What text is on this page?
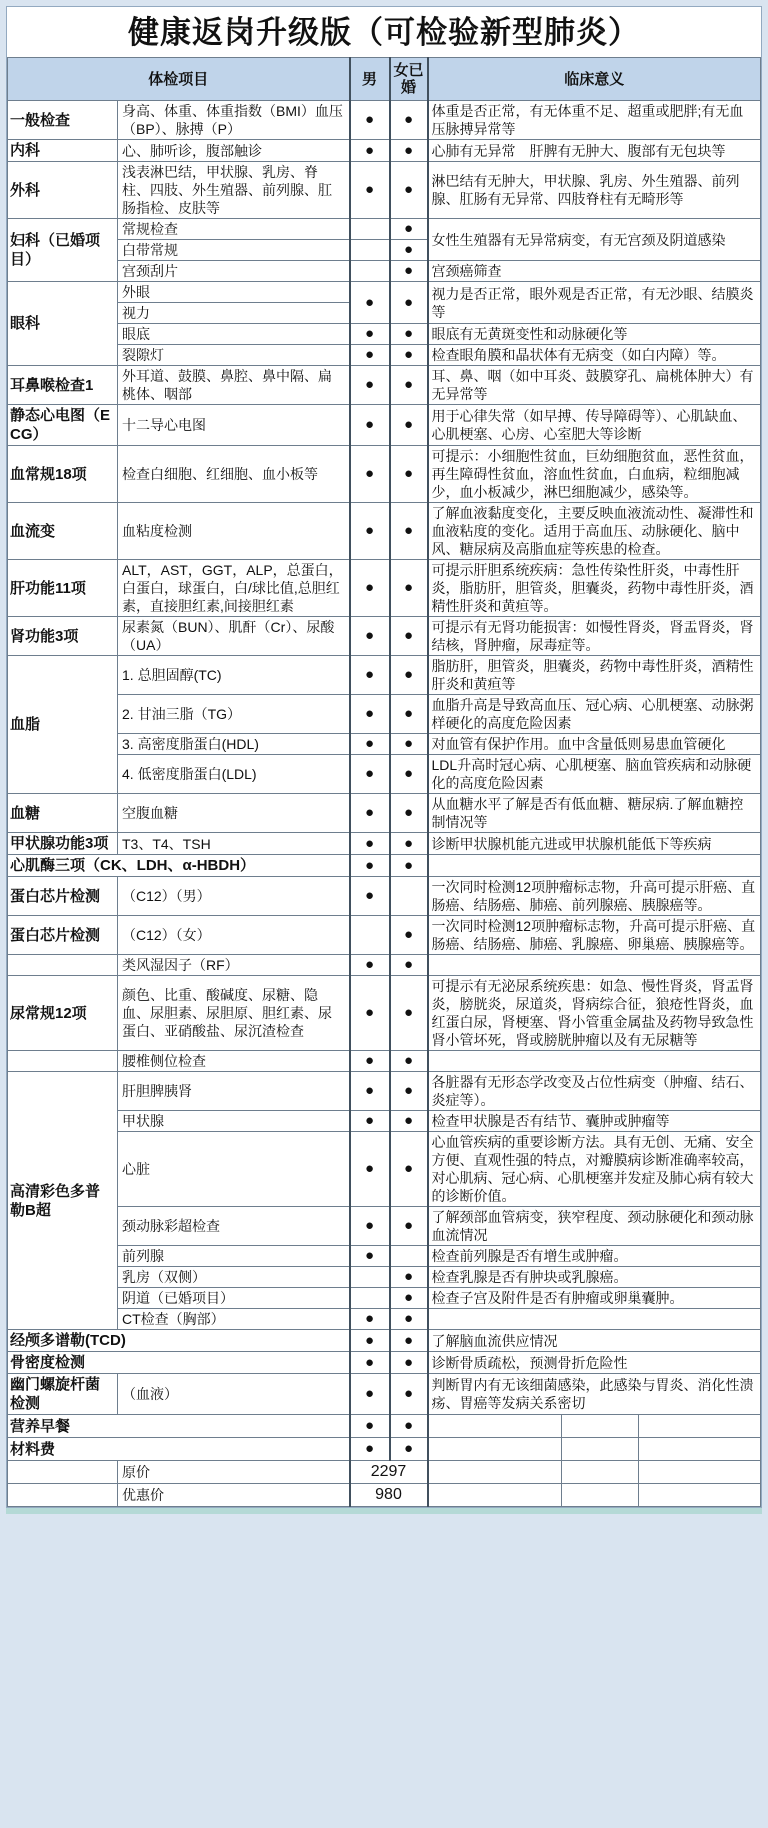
健康返岗升级版（可检验新型肺炎）
体检项目		男	女已婚	临床意义
一般检查	身高、体重、体重指数（BMI）血压（BP）、脉搏（P）	●	●	体重是否正常，有无体重不足、超重或肥胖;有无血压脉搏异常等
内科	心、肺听诊，腹部触诊	●	●	心肺有无异常　肝脾有无肿大、腹部有无包块等
外科	浅表淋巴结，甲状腺、乳房、脊柱、四肢、外生殖器、前列腺、肛肠指检、皮肤等	●	●	淋巴结有无肿大，甲状腺、乳房、外生殖器、前列腺、肛肠有无异常、四肢脊柱有无畸形等
妇科（已婚项目）	常规检查		●	女性生殖器有无异常病变，有无宫颈及阴道感染
	白带常规		●	
	宫颈刮片		●	宫颈癌筛查
眼科	外眼	●	●	视力是否正常，眼外观是否正常，有无沙眼、结膜炎等
	视力			
	眼底	●	●	眼底有无黄斑变性和动脉硬化等
	裂隙灯	●	●	检查眼角膜和晶状体有无病变（如白内障）等。
耳鼻喉检查1	外耳道、鼓膜、鼻腔、鼻中隔、扁桃体、咽部	●	●	耳、鼻、咽（如中耳炎、鼓膜穿孔、扁桃体肿大）有无异常等
静态心电图（ECG）	十二导心电图	●	●	用于心律失常（如早搏、传导障碍等）、心肌缺血、心肌梗塞、心房、心室肥大等诊断
血常规18项	检查白细胞、红细胞、血小板等	●	●	可提示：小细胞性贫血，巨幼细胞贫血，恶性贫血，再生障碍性贫血，溶血性贫血，白血病，粒细胞减少，血小板减少，淋巴细胞减少，感染等。
血流变	血粘度检测	●	●	了解血液黏度变化，主要反映血液流动性、凝滞性和血液粘度的变化。适用于高血压、动脉硬化、脑中风、糖尿病及高脂血症等疾患的检查。
肝功能11项	ALT，AST，GGT，ALP，总蛋白，白蛋白，球蛋白，白/球比值,总胆红素，直接胆红素,间接胆红素	●	●	可提示肝胆系统疾病：急性传染性肝炎，中毒性肝炎，脂肪肝，胆管炎，胆囊炎，药物中毒性肝炎，酒精性肝炎和黄疸等。
肾功能3项	尿素氮（BUN）、肌酐（Cr）、尿酸（UA）	●	●	可提示有无肾功能损害：如慢性肾炎，肾盂肾炎，肾结核，肾肿瘤，尿毒症等。
血脂	1. 总胆固醇(TC)	●	●	脂肪肝，胆管炎，胆囊炎，药物中毒性肝炎，酒精性肝炎和黄疸等
	2. 甘油三脂（TG）	●	●	血脂升高是导致高血压、冠心病、心肌梗塞、动脉粥样硬化的高度危险因素
	3. 高密度脂蛋白(HDL)	●	●	对血管有保护作用。血中含量低则易患血管硬化
	4. 低密度脂蛋白(LDL)	●	●	LDL升高时冠心病、心肌梗塞、脑血管疾病和动脉硬化的高度危险因素
血糖	空腹血糖	●	●	从血糖水平了解是否有低血糖、糖尿病.了解血糖控制情况等
甲状腺功能3项	T3、T4、TSH	●	●	诊断甲状腺机能亢进或甲状腺机能低下等疾病
心肌酶三项（CK、LDH、α-HBDH）		●	●	
蛋白芯片检测	（C12）（男）	●		一次同时检测12项肿瘤标志物，升高可提示肝癌、直肠癌、结肠癌、肺癌、前列腺癌、胰腺癌等。
蛋白芯片检测	（C12）（女）		●	一次同时检测12项肿瘤标志物，升高可提示肝癌、直肠癌、结肠癌、肺癌、乳腺癌、卵巢癌、胰腺癌等。
	类风湿因子（RF）	●	●	
尿常规12项	颜色、比重、酸碱度、尿糖、隐血、尿胆素、尿胆原、胆红素、尿蛋白、亚硝酸盐、尿沉渣检查	●	●	可提示有无泌尿系统疾患：如急、慢性肾炎，肾盂肾炎，膀胱炎，尿道炎，肾病综合征，狼疮性肾炎，血红蛋白尿，肾梗塞、肾小管重金属盐及药物导致急性肾小管坏死，肾或膀胱肿瘤以及有无尿糖等
	腰椎侧位检查	●	●	
高清彩色多普勒B超	肝胆脾胰肾	●	●	各脏器有无形态学改变及占位性病变（肿瘤、结石、炎症等）。
	甲状腺	●	●	检查甲状腺是否有结节、囊肿或肿瘤等
	心脏	●	●	心血管疾病的重要诊断方法。具有无创、无痛、安全方便、直观性强的特点，对瓣膜病诊断准确率较高，对心肌病、冠心病、心肌梗塞并发症及肺心病有较大的诊断价值。
	颈动脉彩超检查	●	●	了解颈部血管病变，狭窄程度、颈动脉硬化和颈动脉血流情况
	前列腺	●		检查前列腺是否有增生或肿瘤。
	乳房（双侧）		●	检查乳腺是否有肿块或乳腺癌。
	阴道（已婚项目）		●	检查子宫及附件是否有肿瘤或卵巢囊肿。
	CT检查（胸部）	●	●	
经颅多谱勒(TCD)		●	●	了解脑血流供应情况
骨密度检测		●	●	诊断骨质疏松，预测骨折危险性
幽门螺旋杆菌检测	（血液）	●	●	判断胃内有无该细菌感染，此感染与胃炎、消化性溃疡、胃癌等发病关系密切
营养早餐		●	●	

材料费		●	●	

	原价	2297		

	优惠价	980		
